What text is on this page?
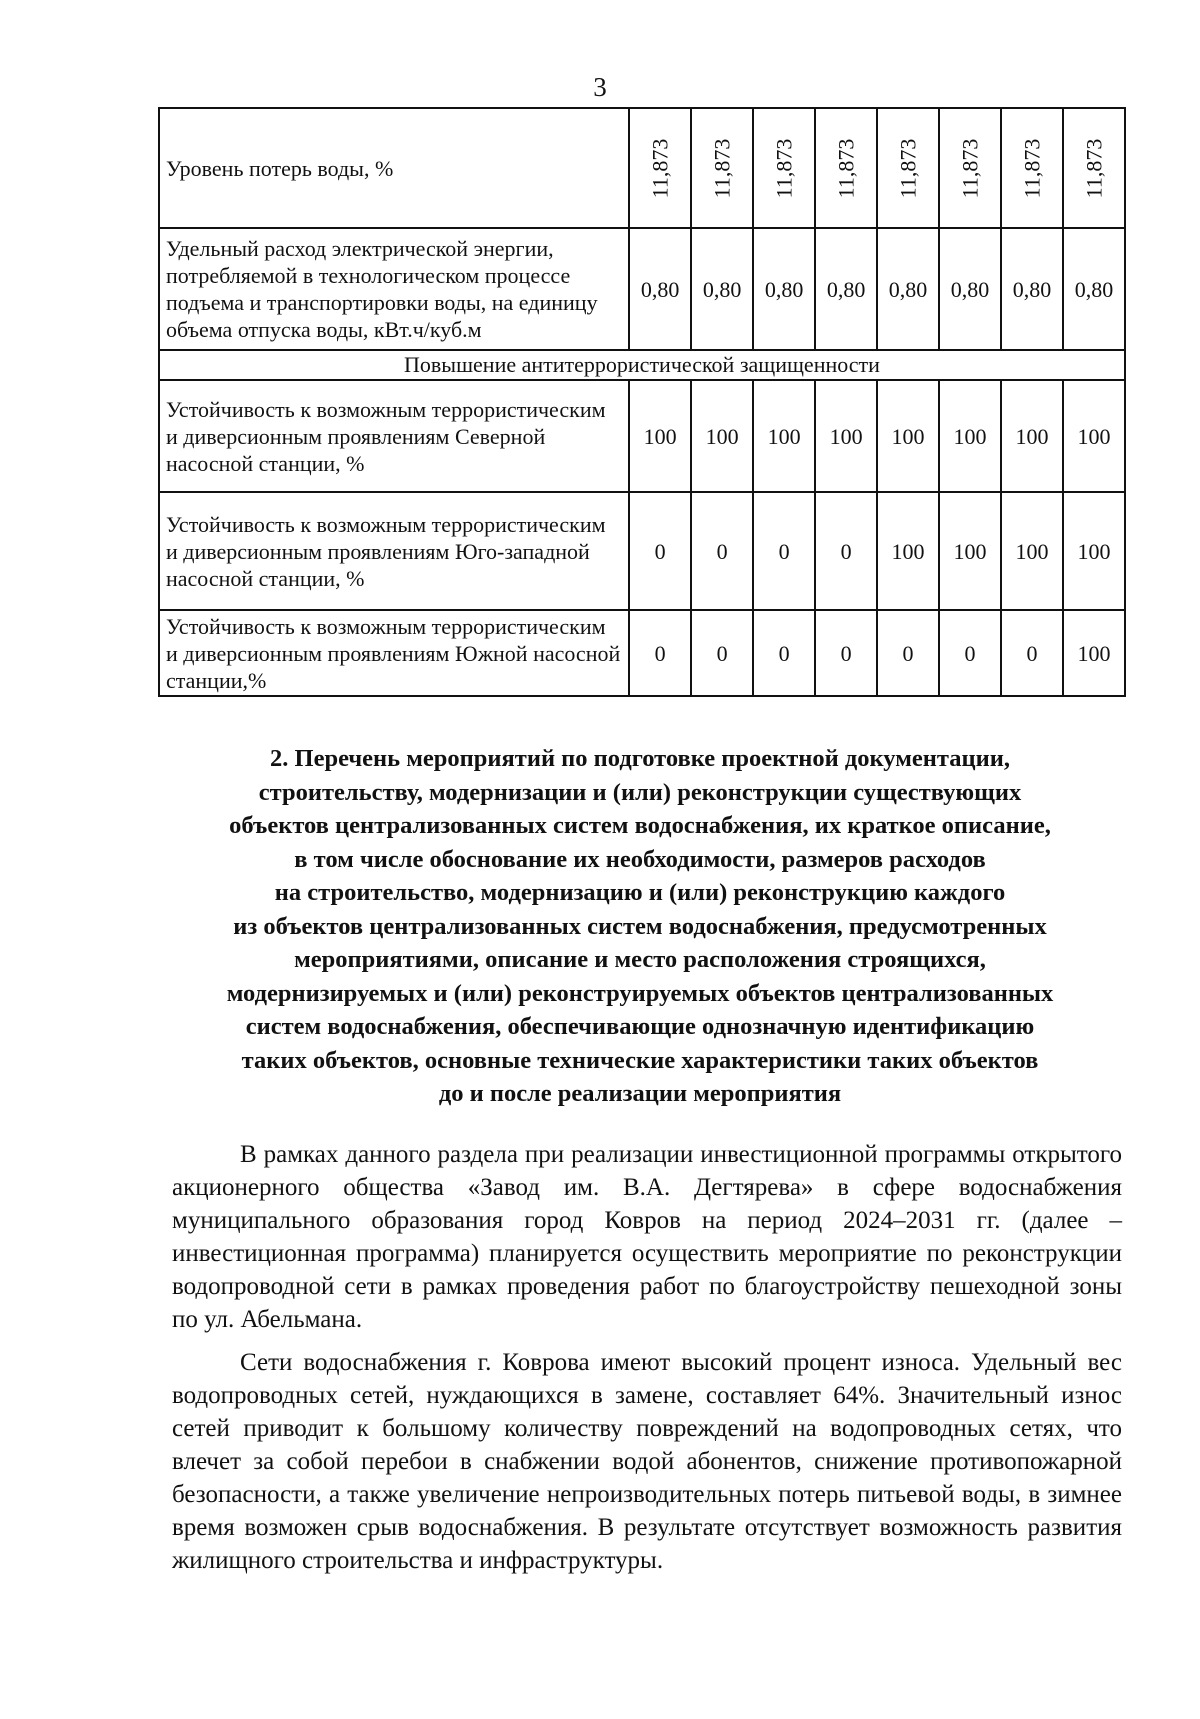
3
Уровень потерь воды, %	11,873	11,873	11,873	11,873	11,873	11,873	11,873	11,873
Удельный расход электрической энергии, потребляемой в технологическом процессе подъема и транспортировки воды, на единицу объема отпуска воды, кВт.ч/куб.м	0,80	0,80	0,80	0,80	0,80	0,80	0,80	0,80
Повышение антитеррористической защищенности								
Устойчивость к возможным террористическим и диверсионным проявлениям Северной насосной станции, %	100	100	100	100	100	100	100	100
Устойчивость к возможным террористическим и диверсионным проявлениям Юго-западной насосной станции, %	0	0	0	0	100	100	100	100
Устойчивость к возможным террористическим и диверсионным проявлениям Южной насосной станции,%	0	0	0	0	0	0	0	100
2. Перечень мероприятий по подготовке проектной документации,
строительству, модернизации и (или) реконструкции существующих
объектов централизованных систем водоснабжения, их краткое описание,
в том числе обоснование их необходимости, размеров расходов
на строительство, модернизацию и (или) реконструкцию каждого
из объектов централизованных систем водоснабжения, предусмотренных
мероприятиями, описание и место расположения строящихся,
модернизируемых и (или) реконструируемых объектов централизованных
систем водоснабжения, обеспечивающие однозначную идентификацию
таких объектов, основные технические характеристики таких объектов
до и после реализации мероприятия

В рамках данного раздела при реализации инвестиционной программы открытого акционерного общества «Завод им. В.А. Дегтярева» в сфере водоснабжения муниципального образования город Ковров на период 2024–2031 гг. (далее – инвестиционная программа) планируется осуществить мероприятие по реконструкции водопроводной сети в рамках проведения работ по благоустройству пешеходной зоны по ул. Абельмана.

Сети водоснабжения г. Коврова имеют высокий процент износа. Удельный вес водопроводных сетей, нуждающихся в замене, составляет 64%. Значительный износ сетей приводит к большому количеству повреждений на водопроводных сетях, что влечет за собой перебои в снабжении водой абонентов, снижение противопожарной безопасности, а также увеличение непроизводительных потерь питьевой воды, в зимнее время возможен срыв водоснабжения. В результате отсутствует возможность развития жилищного строительства и инфраструктуры.
